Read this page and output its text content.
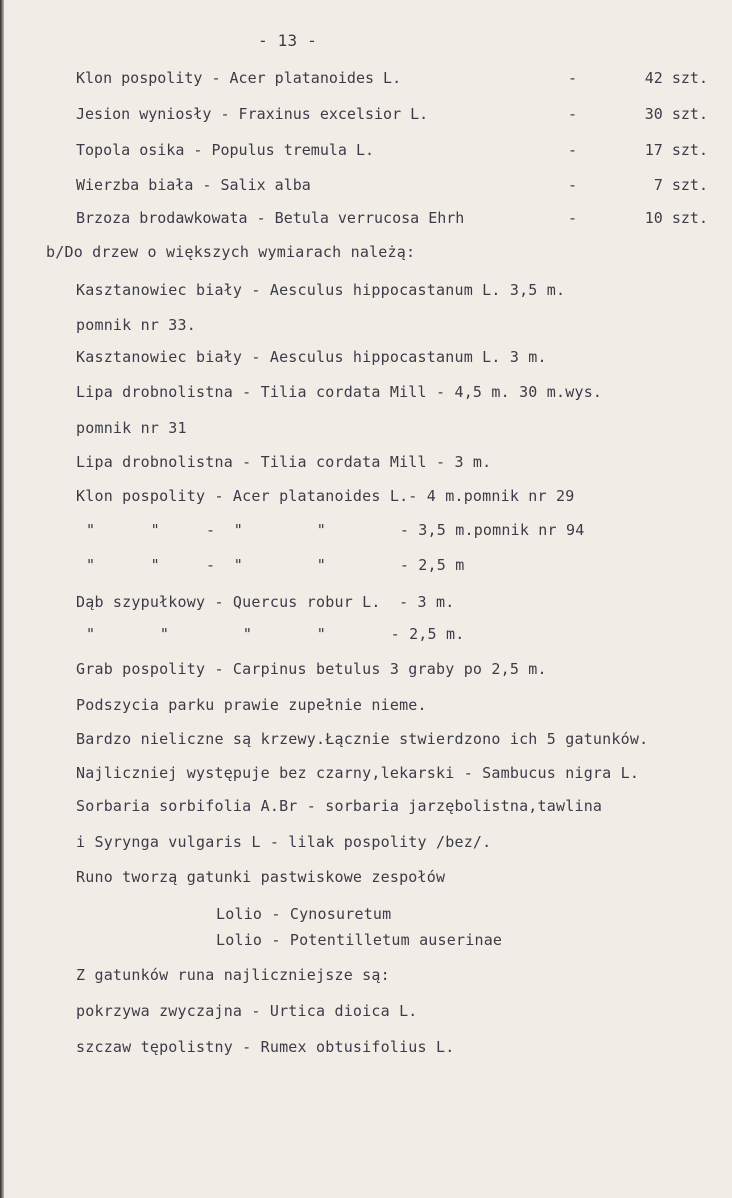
- 13 -
Klon pospolity - Acer platanoides L.	-	42 szt.
Jesion wyniosły - Fraxinus excelsior L.	-	30 szt.
Topola osika - Populus tremula L.	-	17 szt.
Wierzba biała - Salix alba	-	7 szt.
Brzoza brodawkowata - Betula verrucosa Ehrh	-	10 szt.
b/Do drzew o większych wymiarach należą:
Kasztanowiec biały - Aesculus hippocastanum L. 3,5 m.
pomnik nr 33.
Kasztanowiec biały - Aesculus hippocastanum L. 3 m.
Lipa drobnolistna - Tilia cordata Mill - 4,5 m. 30 m.wys.
pomnik nr 31
Lipa drobnolistna - Tilia cordata Mill - 3 m.
Klon pospolity - Acer platanoides L.- 4 m.pomnik nr 29
"      "     -  "        "        - 3,5 m.pomnik nr 94
"      "     -  "        "        - 2,5 m
Dąb szypułkowy - Quercus robur L.  - 3 m.
"       "        "       "       - 2,5 m.
Grab pospolity - Carpinus betulus 3 graby po 2,5 m.
Podszycia parku prawie zupełnie nieme.
Bardzo nieliczne są krzewy.Łącznie stwierdzono ich 5 gatunków.
Najliczniej występuje bez czarny,lekarski - Sambucus nigra L.
Sorbaria sorbifolia A.Br - sorbaria jarzębolistna,tawlina
i Syrynga vulgaris L - lilak pospolity /bez/.
Runo tworzą gatunki pastwiskowe zespołów
Lolio - Cynosuretum
Lolio - Potentilletum auserinae
Z gatunków runa najliczniejsze są:
pokrzywa zwyczajna - Urtica dioica L.
szczaw tępolistny - Rumex obtusifolius L.
